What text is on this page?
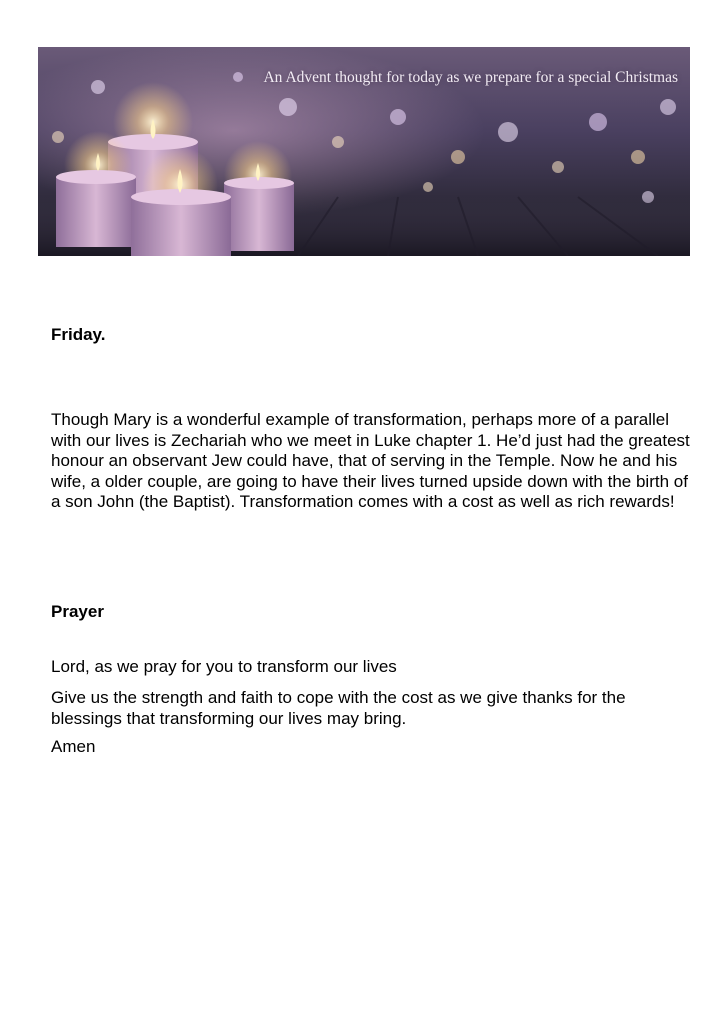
An Advent thought for today as we prepare for a special Christmas

Friday.

Though Mary is a wonderful example of transformation, perhaps more of a parallel with our lives is Zechariah who we meet in Luke chapter 1. He’d just had the greatest honour an observant Jew could have, that of serving in the Temple. Now he and his wife, a older couple, are going to have their lives turned upside down with the birth of a son John (the Baptist). Transformation comes with a cost as well as rich rewards!

Prayer

Lord, as we pray for you to transform our lives

Give us the strength and faith to cope with the cost as we give thanks for the blessings that transforming our lives may bring.

Amen
